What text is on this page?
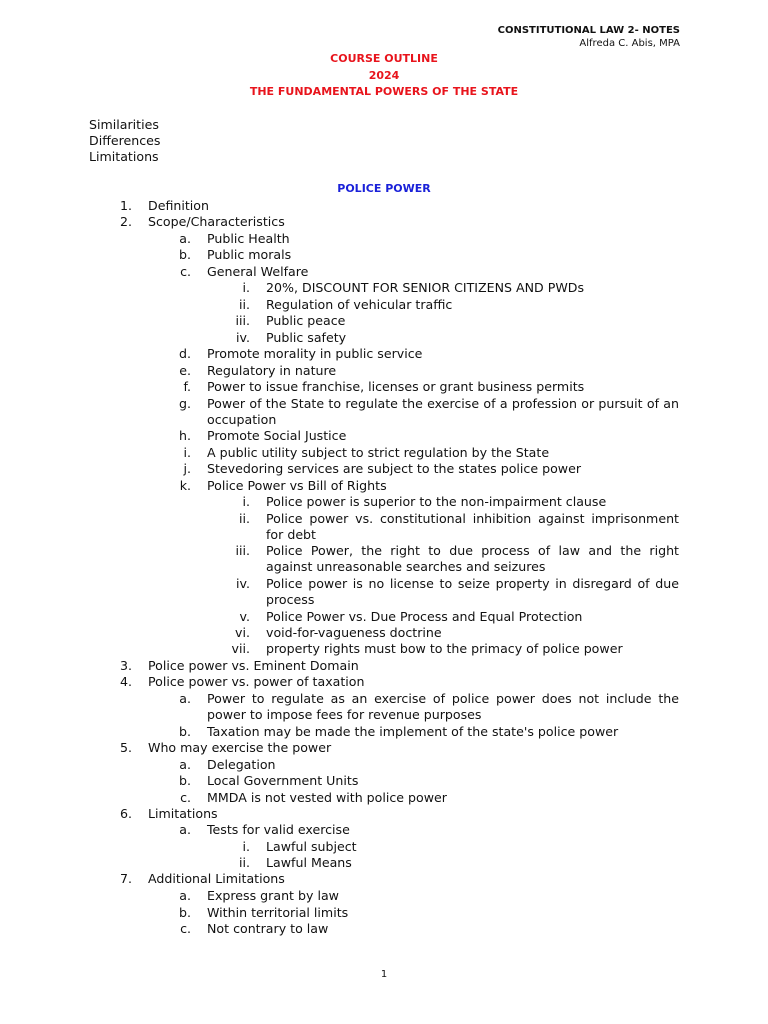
CONSTITUTIONAL LAW 2- NOTES
Alfreda C. Abis, MPA
COURSE OUTLINE
2024
THE FUNDAMENTAL POWERS OF THE STATE
Similarities
Differences
Limitations
POLICE POWER
1. Definition
2. Scope/Characteristics
a. Public Health
b. Public morals
c. General Welfare
i. 20%, DISCOUNT FOR SENIOR CITIZENS AND PWDs
ii. Regulation of vehicular traffic
iii. Public peace
iv. Public safety
d. Promote morality in public service
e. Regulatory in nature
f. Power to issue franchise, licenses or grant business permits
g. Power of the State to regulate the exercise of a profession or pursuit of an occupation
h. Promote Social Justice
i. A public utility subject to strict regulation by the State
j. Stevedoring services are subject to the states police power
k. Police Power vs Bill of Rights
i. Police power is superior to the non-impairment clause
ii. Police power vs. constitutional inhibition against imprisonment for debt
iii. Police Power, the right to due process of law and the right against unreasonable searches and seizures
iv. Police power is no license to seize property in disregard of due process
v. Police Power vs. Due Process and Equal Protection
vi. void-for-vagueness doctrine
vii. property rights must bow to the primacy of police power
3. Police power vs. Eminent Domain
4. Police power vs. power of taxation
a. Power to regulate as an exercise of police power does not include the power to impose fees for revenue purposes
b. Taxation may be made the implement of the state's police power
5. Who may exercise the power
a. Delegation
b. Local Government Units
c. MMDA is not vested with police power
6. Limitations
a. Tests for valid exercise
i. Lawful subject
ii. Lawful Means
7. Additional Limitations
a. Express grant by law
b. Within territorial limits
c. Not contrary to law
1
